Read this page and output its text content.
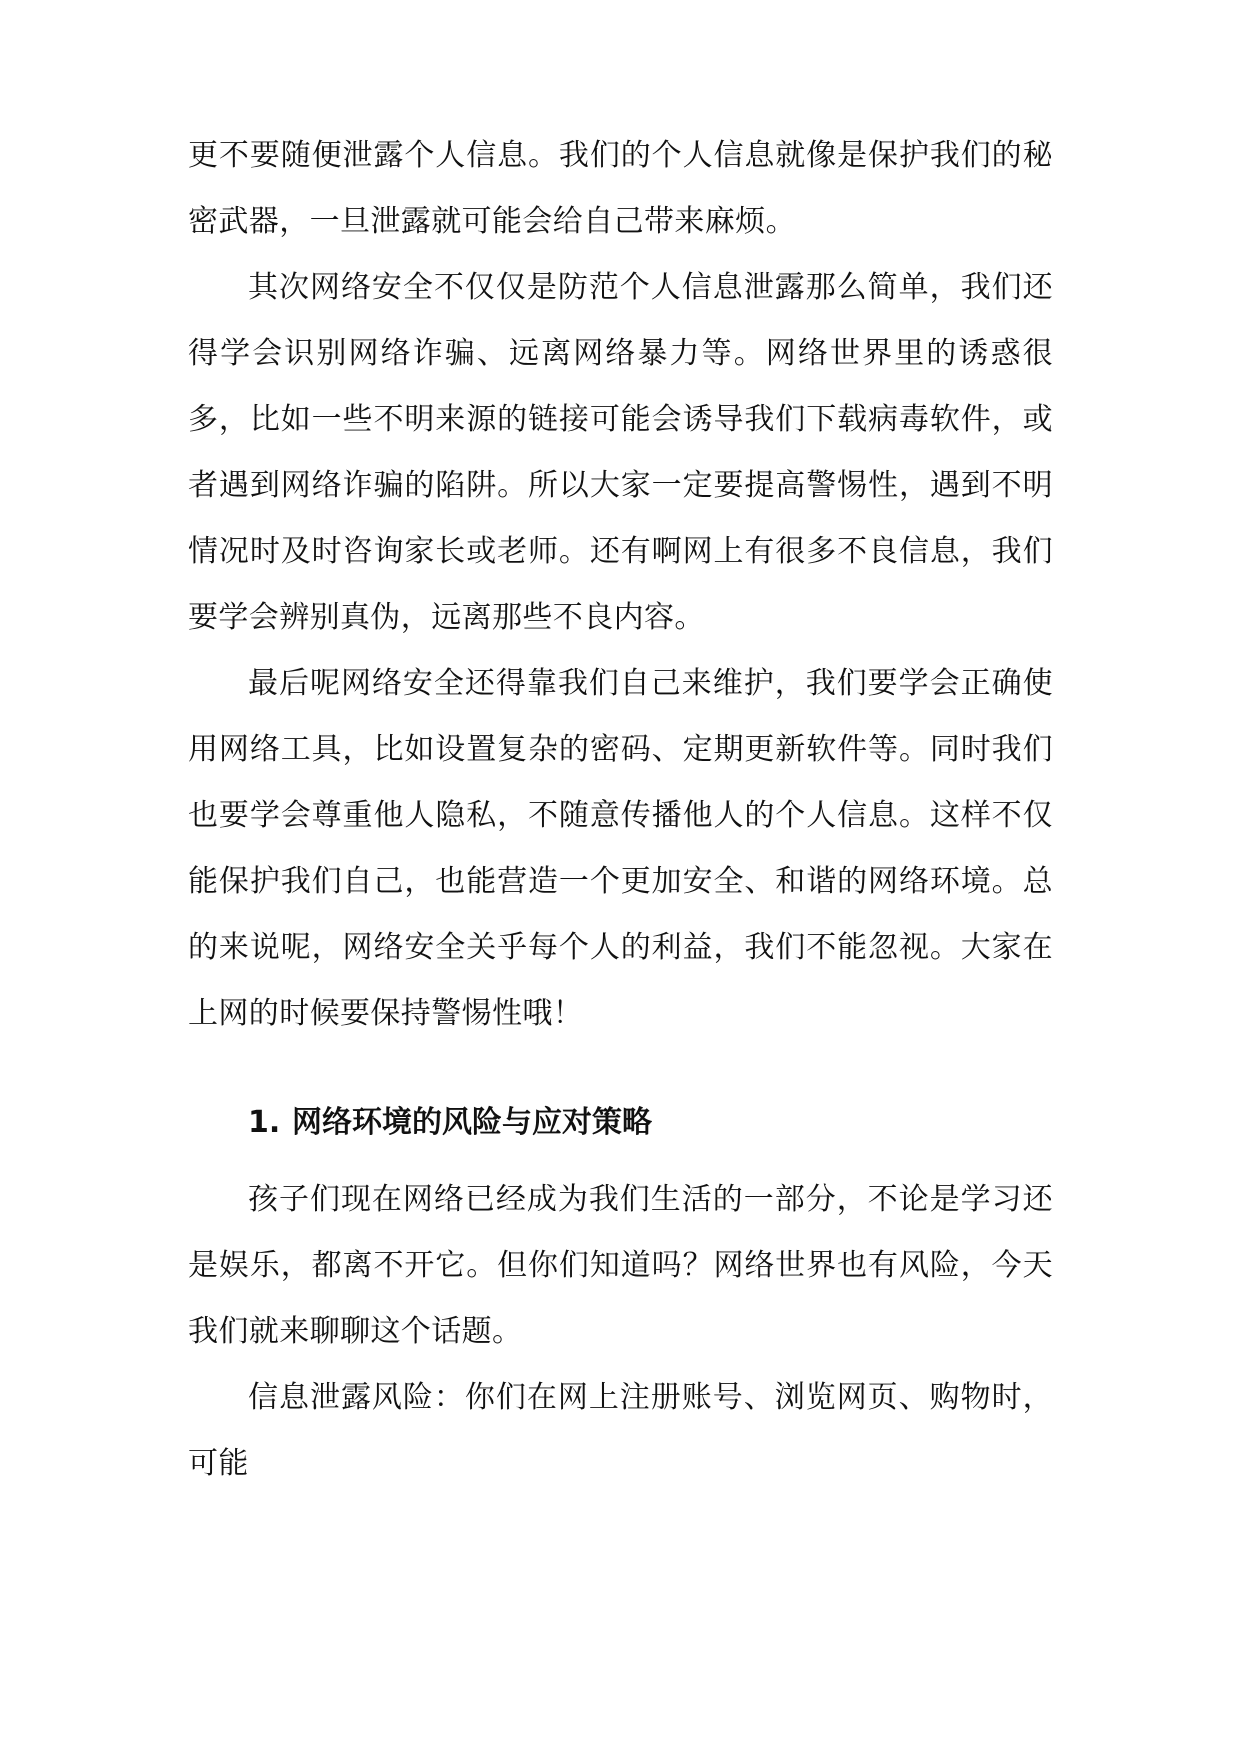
更不要随便泄露个人信息。我们的个人信息就像是保护我们的秘密武器，一旦泄露就可能会给自己带来麻烦。

其次网络安全不仅仅是防范个人信息泄露那么简单，我们还得学会识别网络诈骗、远离网络暴力等。网络世界里的诱惑很多，比如一些不明来源的链接可能会诱导我们下载病毒软件，或者遇到网络诈骗的陷阱。所以大家一定要提高警惕性，遇到不明情况时及时咨询家长或老师。还有啊网上有很多不良信息，我们要学会辨别真伪，远离那些不良内容。

最后呢网络安全还得靠我们自己来维护，我们要学会正确使用网络工具，比如设置复杂的密码、定期更新软件等。同时我们也要学会尊重他人隐私，不随意传播他人的个人信息。这样不仅能保护我们自己，也能营造一个更加安全、和谐的网络环境。总的来说呢，网络安全关乎每个人的利益，我们不能忽视。大家在上网的时候要保持警惕性哦！

1. 网络环境的风险与应对策略

孩子们现在网络已经成为我们生活的一部分，不论是学习还是娱乐，都离不开它。但你们知道吗？网络世界也有风险，今天我们就来聊聊这个话题。

信息泄露风险：你们在网上注册账号、浏览网页、购物时，可能
